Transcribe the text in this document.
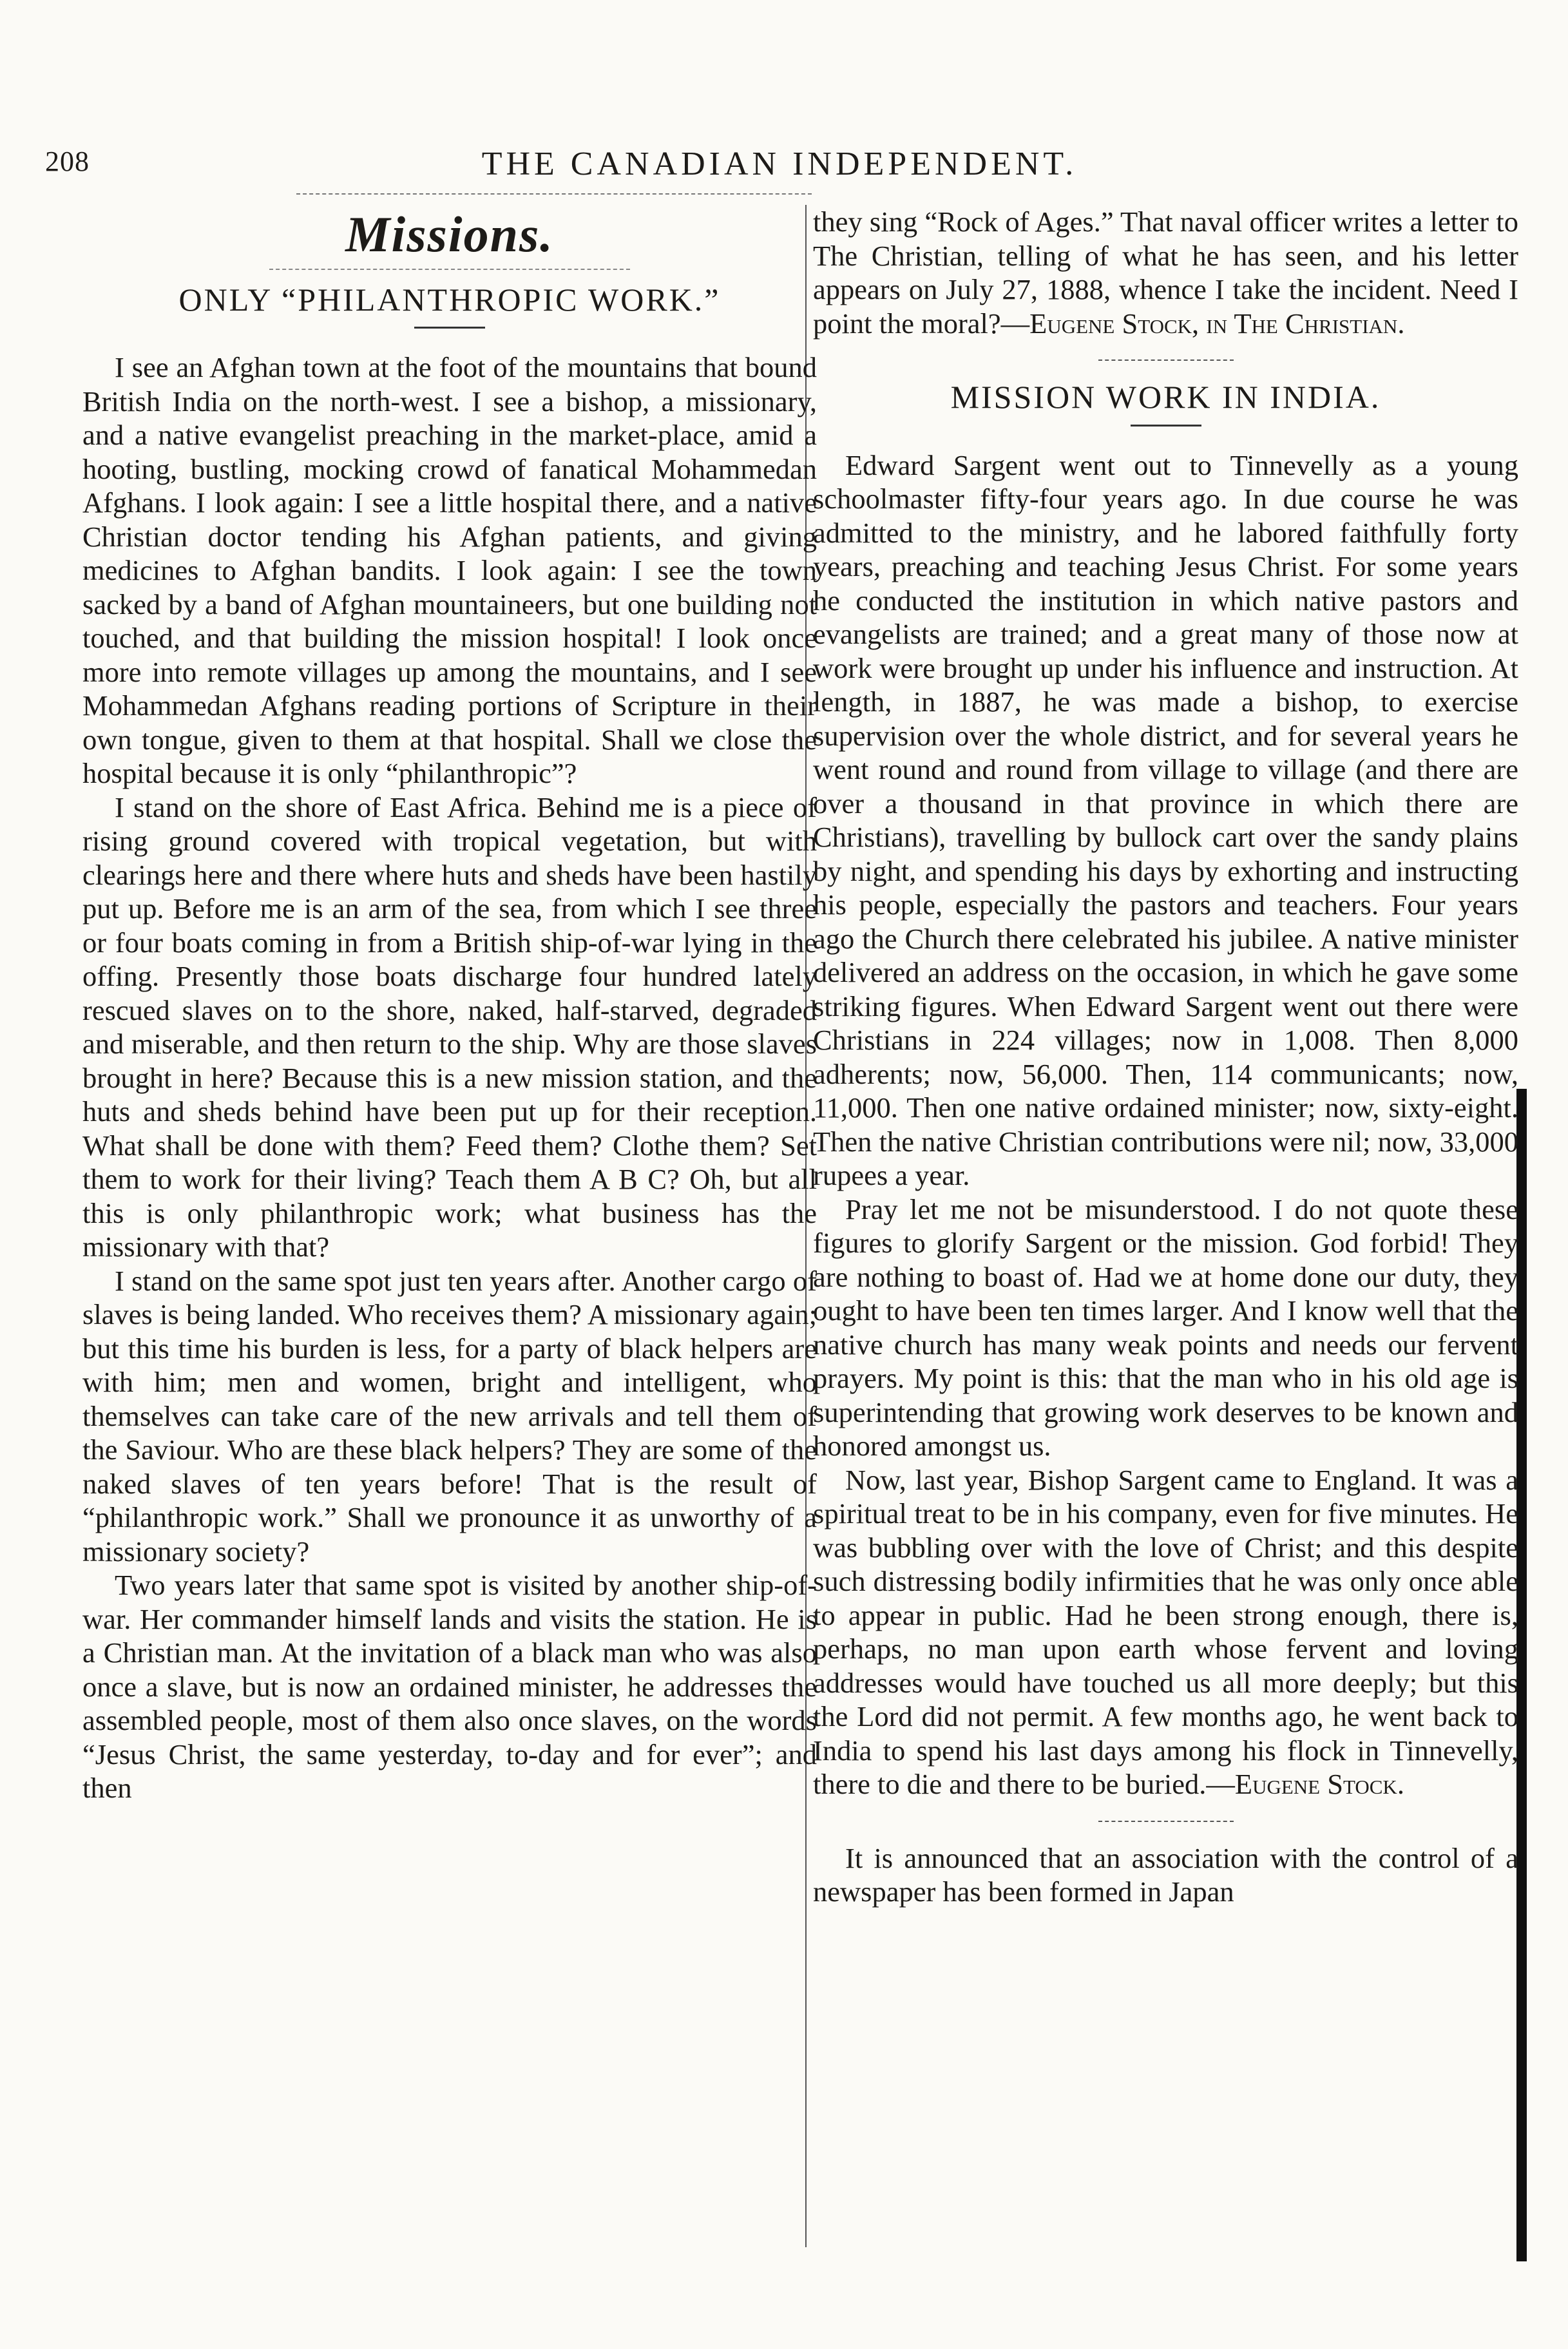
208	THE CANADIAN INDEPENDENT.
Missions.
ONLY “PHILANTHROPIC WORK.”

I see an Afghan town at the foot of the mountains that bound British India on the north-west. I see a bishop, a missionary, and a native evangelist preaching in the market-place, amid a hooting, bustling, mocking crowd of fanatical Mohammedan Afghans. I look again: I see a little hospital there, and a native Christian doctor tending his Afghan patients, and giving medicines to Afghan bandits. I look again: I see the town sacked by a band of Afghan mountaineers, but one building not touched, and that building the mission hospital! I look once more into remote villages up among the mountains, and I see Mohammedan Afghans reading portions of Scripture in their own tongue, given to them at that hospital. Shall we close the hospital because it is only “philanthropic”?

I stand on the shore of East Africa. Behind me is a piece of rising ground covered with tropical vegetation, but with clearings here and there where huts and sheds have been hastily put up. Before me is an arm of the sea, from which I see three or four boats coming in from a British ship-of-war lying in the offing. Presently those boats discharge four hundred lately rescued slaves on to the shore, naked, half-starved, degraded and miserable, and then return to the ship. Why are those slaves brought in here? Because this is a new mission station, and the huts and sheds behind have been put up for their reception. What shall be done with them? Feed them? Clothe them? Set them to work for their living? Teach them A B C? Oh, but all this is only philanthropic work; what business has the missionary with that?

I stand on the same spot just ten years after. Another cargo of slaves is being landed. Who receives them? A missionary again; but this time his burden is less, for a party of black helpers are with him; men and women, bright and intelligent, who themselves can take care of the new arrivals and tell them of the Saviour. Who are these black helpers? They are some of the naked slaves of ten years before! That is the result of “philanthropic work.” Shall we pronounce it as unworthy of a missionary society?

Two years later that same spot is visited by another ship-of-war. Her commander himself lands and visits the station. He is a Christian man. At the invitation of a black man who was also once a slave, but is now an ordained minister, he addresses the assembled people, most of them also once slaves, on the words “Jesus Christ, the same yesterday, to-day and for ever”; and then

they sing “Rock of Ages.” That naval officer writes a letter to The Christian, telling of what he has seen, and his letter appears on July 27, 1888, whence I take the incident. Need I point the moral?—Eugene Stock, in The Christian.

MISSION WORK IN INDIA.

Edward Sargent went out to Tinnevelly as a young schoolmaster fifty-four years ago. In due course he was admitted to the ministry, and he labored faithfully forty years, preaching and teaching Jesus Christ. For some years he conducted the institution in which native pastors and evangelists are trained; and a great many of those now at work were brought up under his influence and instruction. At length, in 1887, he was made a bishop, to exercise supervision over the whole district, and for several years he went round and round from village to village (and there are over a thousand in that province in which there are Christians), travelling by bullock cart over the sandy plains by night, and spending his days by exhorting and instructing his people, especially the pastors and teachers. Four years ago the Church there celebrated his jubilee. A native minister delivered an address on the occasion, in which he gave some striking figures. When Edward Sargent went out there were Christians in 224 villages; now in 1,008. Then 8,000 adherents; now, 56,000. Then, 114 communicants; now, 11,000. Then one native ordained minister; now, sixty-eight. Then the native Christian contributions were nil; now, 33,000 rupees a year.

Pray let me not be misunderstood. I do not quote these figures to glorify Sargent or the mission. God forbid! They are nothing to boast of. Had we at home done our duty, they ought to have been ten times larger. And I know well that the native church has many weak points and needs our fervent prayers. My point is this: that the man who in his old age is superintending that growing work deserves to be known and honored amongst us.

Now, last year, Bishop Sargent came to England. It was a spiritual treat to be in his company, even for five minutes. He was bubbling over with the love of Christ; and this despite such distressing bodily infirmities that he was only once able to appear in public. Had he been strong enough, there is, perhaps, no man upon earth whose fervent and loving addresses would have touched us all more deeply; but this the Lord did not permit. A few months ago, he went back to India to spend his last days among his flock in Tinnevelly, there to die and there to be buried.—Eugene Stock.

It is announced that an association with the control of a newspaper has been formed in Japan
